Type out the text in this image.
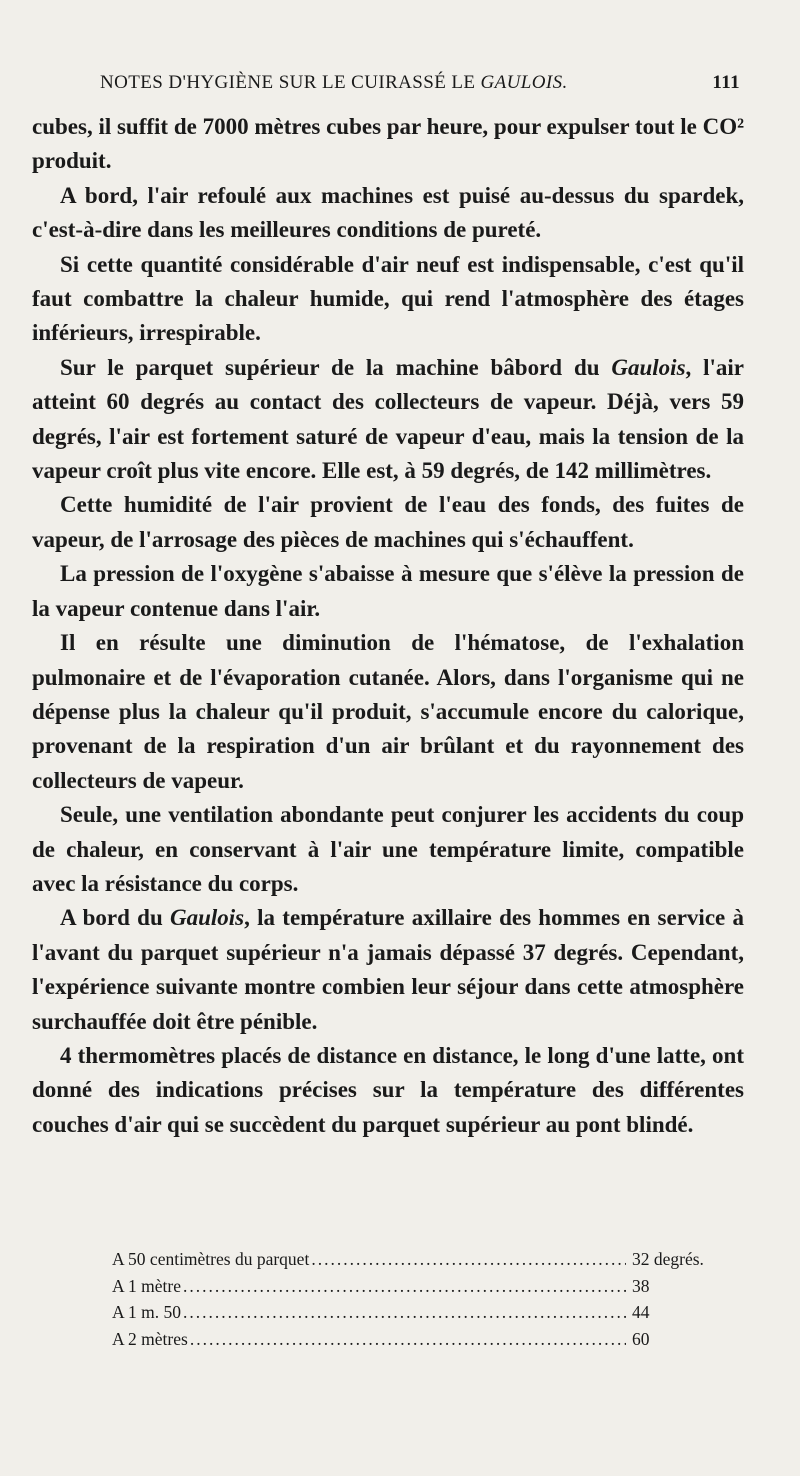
NOTES D'HYGIÈNE SUR LE CUIRASSÉ LE GAULOIS.	111

cubes, il suffit de 7000 mètres cubes par heure, pour expulser tout le CO² produit.

A bord, l'air refoulé aux machines est puisé au-dessus du spardek, c'est-à-dire dans les meilleures conditions de pureté.

Si cette quantité considérable d'air neuf est indispensable, c'est qu'il faut combattre la chaleur humide, qui rend l'atmosphère des étages inférieurs, irrespirable.

Sur le parquet supérieur de la machine bâbord du Gaulois, l'air atteint 60 degrés au contact des collecteurs de vapeur. Déjà, vers 59 degrés, l'air est fortement saturé de vapeur d'eau, mais la tension de la vapeur croît plus vite encore. Elle est, à 59 degrés, de 142 millimètres.

Cette humidité de l'air provient de l'eau des fonds, des fuites de vapeur, de l'arrosage des pièces de machines qui s'échauffent.

La pression de l'oxygène s'abaisse à mesure que s'élève la pression de la vapeur contenue dans l'air.

Il en résulte une diminution de l'hématose, de l'exhalation pulmonaire et de l'évaporation cutanée. Alors, dans l'organisme qui ne dépense plus la chaleur qu'il produit, s'accumule encore du calorique, provenant de la respiration d'un air brûlant et du rayonnement des collecteurs de vapeur.

Seule, une ventilation abondante peut conjurer les accidents du coup de chaleur, en conservant à l'air une température limite, compatible avec la résistance du corps.

A bord du Gaulois, la température axillaire des hommes en service à l'avant du parquet supérieur n'a jamais dépassé 37 degrés. Cependant, l'expérience suivante montre combien leur séjour dans cette atmosphère surchauffée doit être pénible.

4 thermomètres placés de distance en distance, le long d'une latte, ont donné des indications précises sur la température des différentes couches d'air qui se succèdent du parquet supérieur au pont blindé.

A 50 centimètres du parquet .....	32 degrés.
A 1 mètre .....	38
A 1 m. 50 .....	44
A 2 mètres .....	60
